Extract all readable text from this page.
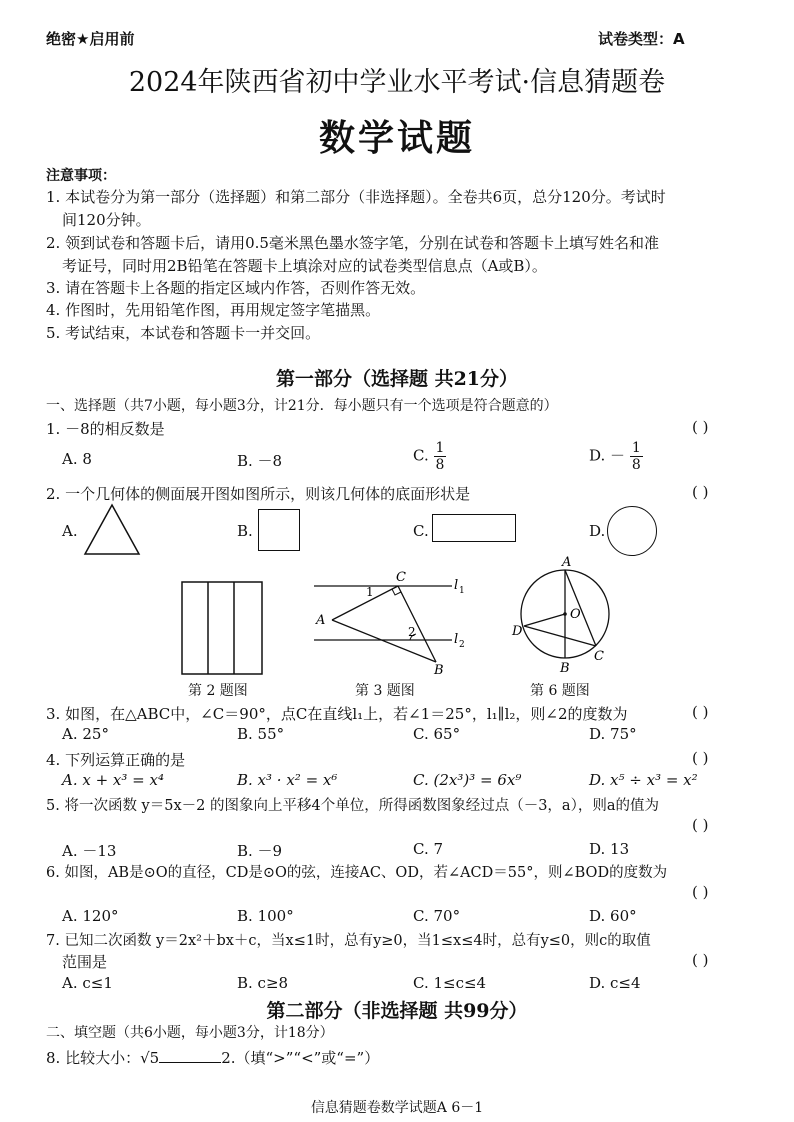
绝密★启用前	试卷类型：A
2024年陕西省初中学业水平考试·信息猜题卷
数学试题
注意事项：
1. 本试卷分为第一部分（选择题）和第二部分（非选择题）。全卷共6页，总分120分。考试时
间120分钟。
2. 领到试卷和答题卡后，请用0.5毫米黑色墨水签字笔，分别在试卷和答题卡上填写姓名和准
考证号，同时用2B铅笔在答题卡上填涂对应的试卷类型信息点（A或B）。
3. 请在答题卡上各题的指定区域内作答，否则作答无效。
4. 作图时，先用铅笔作图，再用规定签字笔描黑。
5. 考试结束，本试卷和答题卡一并交回。
第一部分（选择题 共21分）
一、选择题（共7小题，每小题3分，计21分．每小题只有一个选项是符合题意的）
1. －8的相反数是	( )
A. 8	B. －8	C. $\frac{1}{8}$	D. － $\frac{1}{8}$
2. 一个几何体的侧面展开图如图所示，则该几何体的底面形状是	( )
A.	B.	C.	D.
第 2 题图
C
l 1
A
1
2	l 2
B
第 3 题图
A
O
D
C
B
第 6 题图
3. 如图，在△ABC中，∠C＝90°，点C在直线l₁上，若∠1＝25°，l₁∥l₂，则∠2的度数为	( )
A. 25°	B. 55°	C. 65°	D. 75°
4. 下列运算正确的是	( )
A. x + x³ = x⁴	B. x³ · x² = x⁶	C. (2x³)³ = 6x⁹	D. x⁵ ÷ x³ = x²
5. 将一次函数 y＝5x－2 的图象向上平移4个单位，所得函数图象经过点（－3，a），则a的值为
( )
A. －13	B. －9	C. 7	D. 13
6. 如图，AB是⊙O的直径，CD是⊙O的弦，连接AC、OD，若∠ACD＝55°，则∠BOD的度数为
( )
A. 120°	B. 100°	C. 70°	D. 60°
7. 已知二次函数 y＝2x²＋bx＋c，当x≤1时，总有y≥0，当1≤x≤4时，总有y≤0，则c的取值
范围是	( )
A. c≤1	B. c≥8	C. 1≤c≤4	D. c≤4
第二部分（非选择题 共99分）
二、填空题（共6小题，每小题3分，计18分）
8. 比较大小：√5	2.（填“>”“<”或“=”）
信息猜题卷数学试题A 6－1
